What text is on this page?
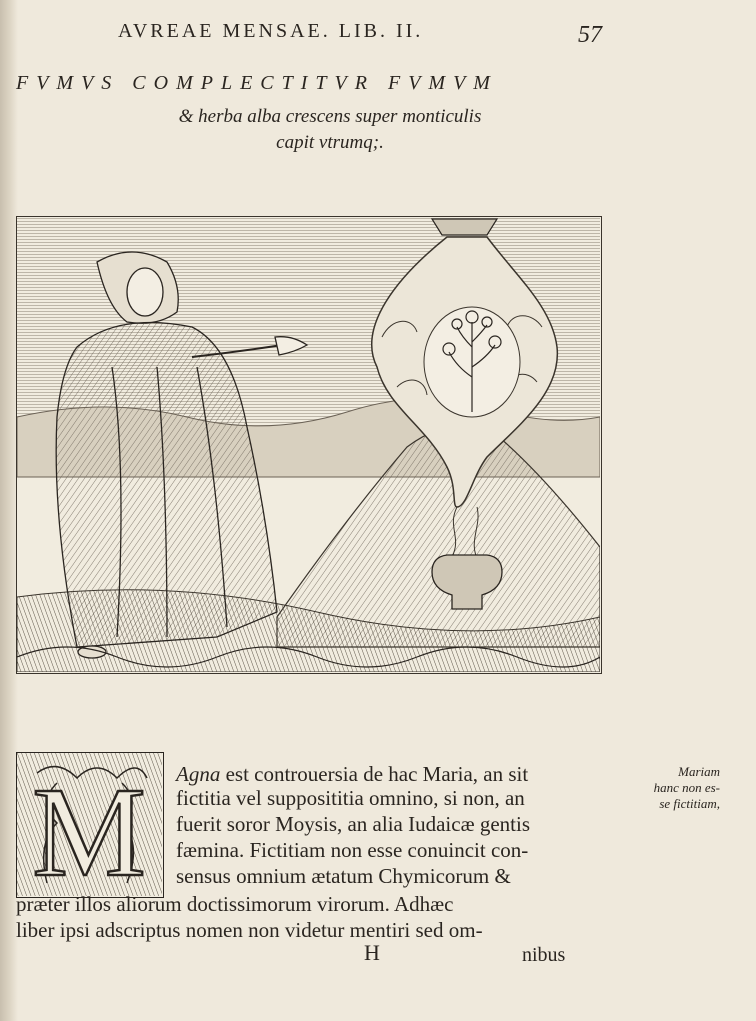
AVREAE MENSAE. LIB. II.	57
FVMVS COMPLECTITVR FVMVM
& herba alba crescens super monticulis
capit vtrumq;.
M Agna est controuersia de hac Maria, an sit
fictitia vel supposititia omnino, si non, an
fuerit soror Moysis, an alia Iudaicæ gentis
fæmina. Fictitiam non esse conuincit con-
sensus omnium ætatum Chymicorum &
præter illos aliorum doctissimorum virorum. Adhæc
liber ipsi adscriptus nomen non videtur mentiri sed om-
Mariam
hanc non es-
se fictitiam,
H	nibus
